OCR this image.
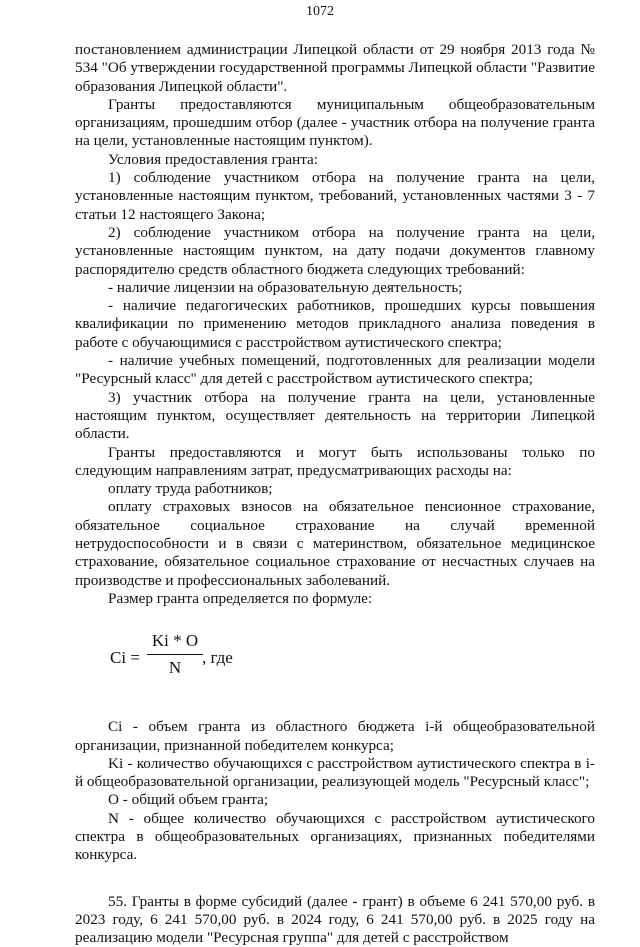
1072

постановлением администрации Липецкой области от 29 ноября 2013 года № 534 "Об утверждении государственной программы Липецкой области "Развитие образования Липецкой области".

Гранты предоставляются муниципальным общеобразовательным организациям, прошедшим отбор (далее - участник отбора на получение гранта на цели, установленные настоящим пунктом).

Условия предоставления гранта:

1) соблюдение участником отбора на получение гранта на цели, установленные настоящим пунктом, требований, установленных частями 3 - 7 статьи 12 настоящего Закона;

2) соблюдение участником отбора на получение гранта на цели, установленные настоящим пунктом, на дату подачи документов главному распорядителю средств областного бюджета следующих требований:

- наличие лицензии на образовательную деятельность;

- наличие педагогических работников, прошедших курсы повышения квалификации по применению методов прикладного анализа поведения в работе с обучающимися с расстройством аутистического спектра;

- наличие учебных помещений, подготовленных для реализации модели "Ресурсный класс" для детей с расстройством аутистического спектра;

3) участник отбора на получение гранта на цели, установленные настоящим пунктом, осуществляет деятельность на территории Липецкой области.

Гранты предоставляются и могут быть использованы только по следующим направлениям затрат, предусматривающих расходы на:

оплату труда работников;

оплату страховых взносов на обязательное пенсионное страхование, обязательное социальное страхование на случай временной нетрудоспособности и в связи с материнством, обязательное медицинское страхование, обязательное социальное страхование от несчастных случаев на производстве и профессиональных заболеваний.

Размер гранта определяется по формуле:

Ci =
Ki * O
N
, где

Ci - объем гранта из областного бюджета i-й общеобразовательной организации, признанной победителем конкурса;

Ki - количество обучающихся с расстройством аутистического спектра в i-й общеобразовательной организации, реализующей модель "Ресурсный класс";

O - общий объем гранта;

N - общее количество обучающихся с расстройством аутистического спектра в общеобразовательных организациях, признанных победителями конкурса.

55. Гранты в форме субсидий (далее - грант) в объеме 6 241 570,00 руб. в 2023 году, 6 241 570,00 руб. в 2024 году, 6 241 570,00 руб. в 2025 году на реализацию модели "Ресурсная группа" для детей с расстройством
